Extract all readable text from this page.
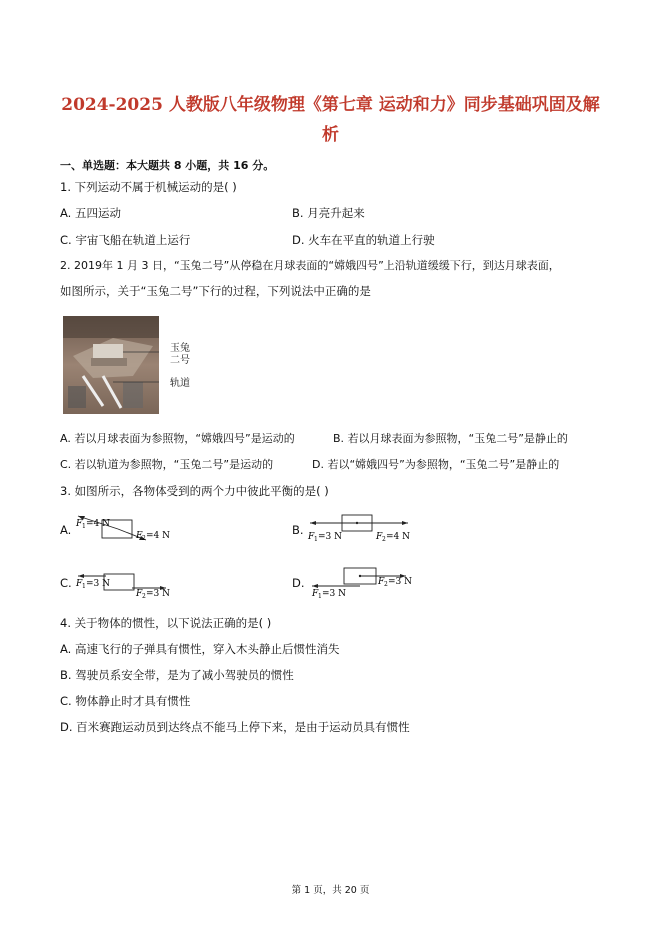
2024-2025 人教版八年级物理《第七章 运动和力》同步基础巩固及解
析
一、单选题：本大题共 8 小题，共 16 分。
1. 下列运动不属于机械运动的是( )
A. 五四运动	B. 月亮升起来
C. 宇宙飞船在轨道上运行	D. 火车在平直的轨道上行驶
2. 2019年 1 月 3 日，“玉兔二号”从停稳在月球表面的“嫦娥四号”上沿轨道缓缓下行，到达月球表面，
如图所示，关于“玉兔二号”下行的过程，下列说法中正确的是
玉兔
二号
轨道
A. 若以月球表面为参照物，“嫦娥四号”是运动的	B. 若以月球表面为参照物，“玉兔二号”是静止的
C. 若以轨道为参照物，“玉兔二号”是运动的	D. 若以“嫦娥四号”为参照物，“玉兔二号”是静止的
3. 如图所示，各物体受到的两个力中彼此平衡的是( )
A. F 1 =4 N
F 2 =4 N	B. F 1 =3 N	F 2 =4 N
C. F 1 =3 N
F 2 =3 N
D.
F 1 =3 N
F 2 =3 N
4. 关于物体的惯性，以下说法正确的是( )
A. 高速飞行的子弹具有惯性，穿入木头静止后惯性消失
B. 驾驶员系安全带，是为了减小驾驶员的惯性
C. 物体静止时才具有惯性
D. 百米赛跑运动员到达终点不能马上停下来，是由于运动员具有惯性
第 1 页，共 20 页
